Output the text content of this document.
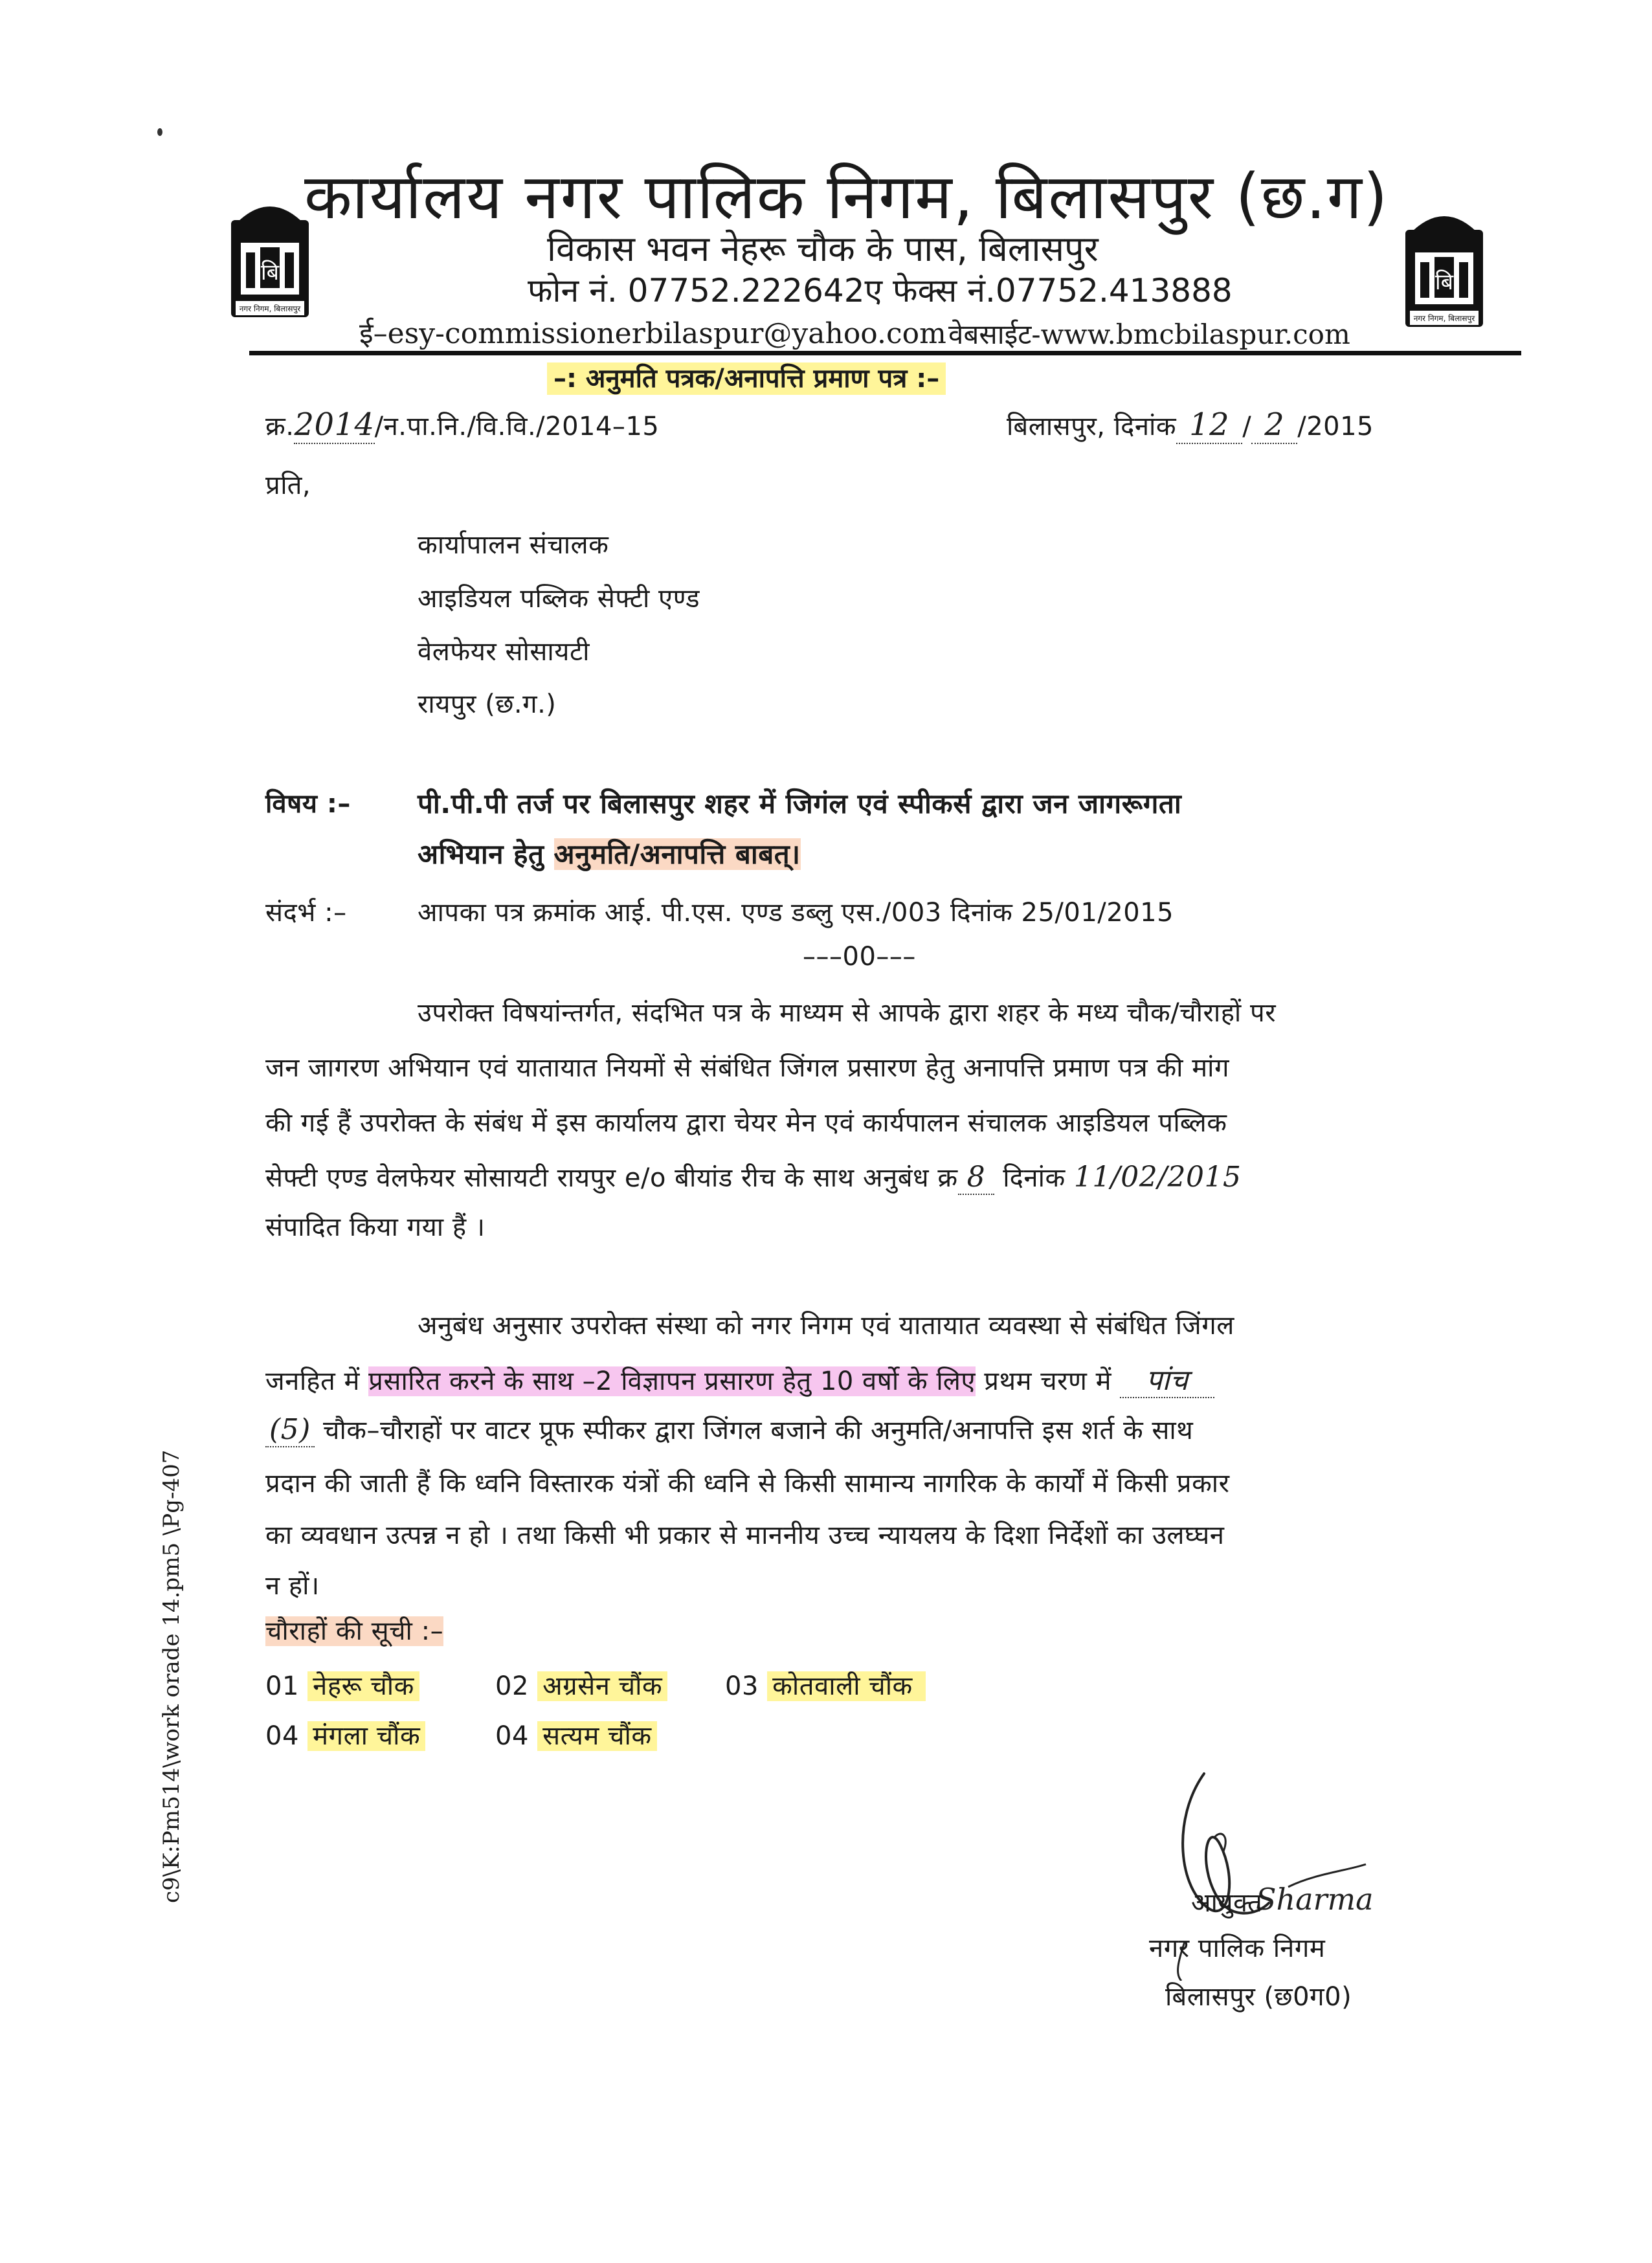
बि
नगर निगम, बिलासपुर
बि
नगर निगम, बिलासपुर
कार्यालय नगर पालिक निगम, बिलासपुर (छ.ग)
विकास भवन नेहरू चौक के पास, बिलासपुर
फोन नं. 07752.222642ए फेक्स नं.07752.413888
ई–esy-commissionerbilaspur@yahoo.com वेबसाईट-www.bmcbilaspur.com
–: अनुमति पत्रक/अनापत्ति प्रमाण पत्र :–
क्र.2014/न.पा.नि./वि.वि./2014–15	बिलासपुर, दिनांक 12 / 2 /2015
प्रति,
कार्यापालन संचालक
आइडियल पब्लिक सेफ्टी एण्ड
वेलफेयर सोसायटी
रायपुर (छ.ग.)
विषय :– पी.पी.पी तर्ज पर बिलासपुर शहर में जिगंल एवं स्पीकर्स द्वारा जन जागरूगता
अभियान हेतु अनुमति/अनापत्ति बाबत्।
संदर्भ :–	आपका पत्र क्रमांक आई. पी.एस. एण्ड डब्लु एस./003 दिनांक 25/01/2015
–––00–––
उपरोक्त विषयांन्तर्गत, संदभित पत्र के माध्यम से आपके द्वारा शहर के मध्य चौक/चौराहों पर
जन जागरण अभियान एवं यातायात नियमों से संबंधित जिंगल प्रसारण हेतु अनापत्ति प्रमाण पत्र की मांग
की गई हैं उपरोक्त के संबंध में इस कार्यालय द्वारा चेयर मेन एवं कार्यपालन संचालक आइडियल पब्लिक
सेफ्टी एण्ड वेलफेयर सोसायटी रायपुर e/o बीयांड रीच के साथ अनुबंध क्र 8 दिनांक 11/02/2015
संपादित किया गया हैं ।
अनुबंध अनुसार उपरोक्त संस्था को नगर निगम एवं यातायात व्यवस्था से संबंधित जिंगल
जनहित में प्रसारित करने के साथ –2 विज्ञापन प्रसारण हेतु 10 वर्षो के लिए प्रथम चरण में पांच
(5) चौक–चौराहों पर वाटर प्रूफ स्पीकर द्वारा जिंगल बजाने की अनुमति/अनापत्ति इस शर्त के साथ
प्रदान की जाती हैं कि ध्वनि विस्तारक यंत्रों की ध्वनि से किसी सामान्य नागरिक के कार्यों में किसी प्रकार
का व्यवधान उत्पन्न न हो । तथा किसी भी प्रकार से माननीय उच्च न्यायलय के दिशा निर्देशों का उलघ्घन
न हों।
चौराहों की सूची :–
01 नेहरू चौक	02 अग्रसेन चौंक 03 कोतवाली चौंक
04 मंगला चौंक	04 सत्यम चौंक
Sharma
आयुक्त
नगर पालिक निगम
बिलासपुर (छ0ग0)
c9\K:Pm514\work orade 14.pm5 \Pg-407
